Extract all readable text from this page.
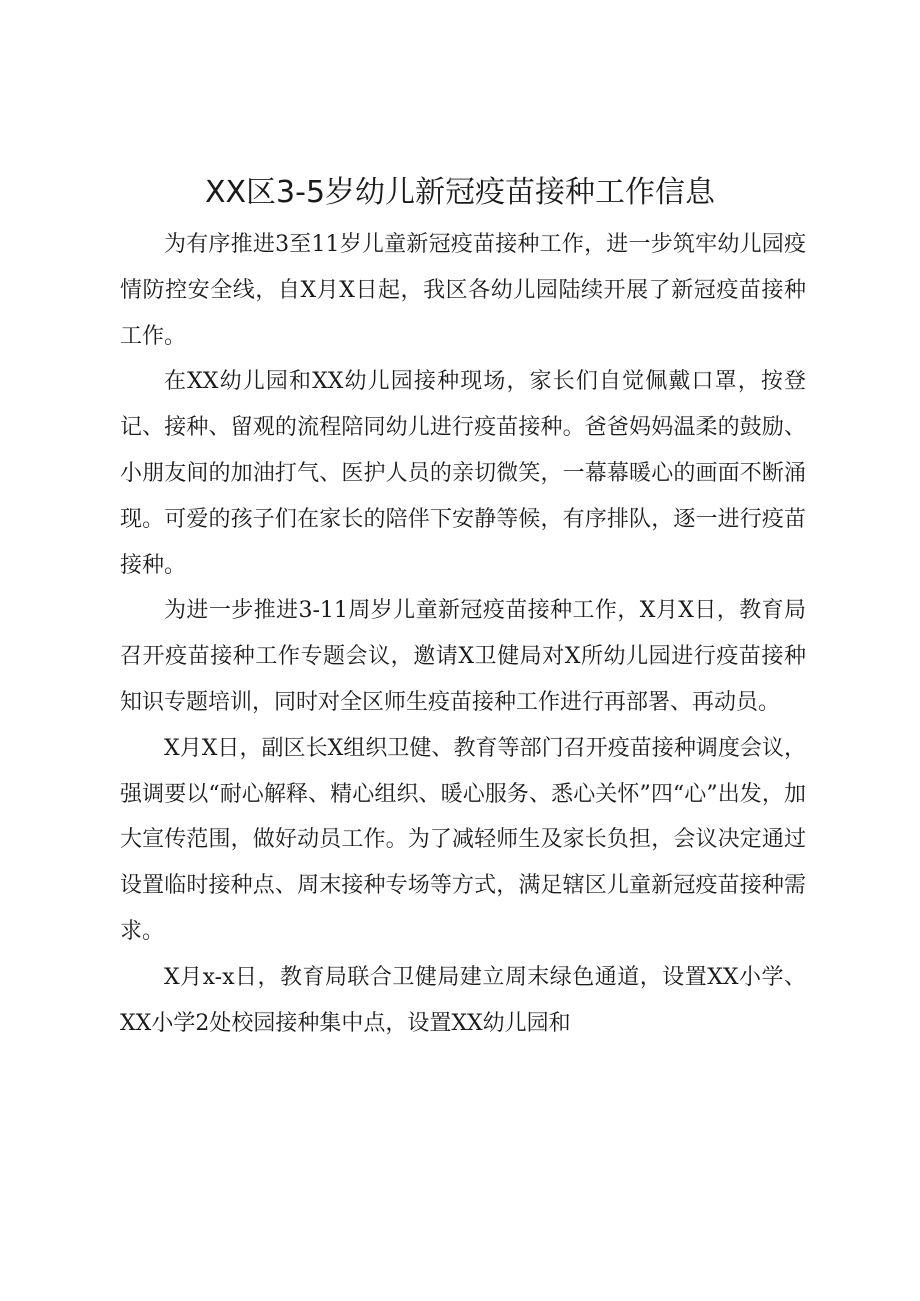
XX区3-5岁幼儿新冠疫苗接种工作信息

为有序推进3至11岁儿童新冠疫苗接种工作，进一步筑牢幼儿园疫情防控安全线，自X月X日起，我区各幼儿园陆续开展了新冠疫苗接种工作。

在XX幼儿园和XX幼儿园接种现场，家长们自觉佩戴口罩，按登记、接种、留观的流程陪同幼儿进行疫苗接种。爸爸妈妈温柔的鼓励、小朋友间的加油打气、医护人员的亲切微笑，一幕幕暖心的画面不断涌现。可爱的孩子们在家长的陪伴下安静等候，有序排队，逐一进行疫苗接种。

为进一步推进3-11周岁儿童新冠疫苗接种工作，X月X日，教育局召开疫苗接种工作专题会议，邀请X卫健局对X所幼儿园进行疫苗接种知识专题培训，同时对全区师生疫苗接种工作进行再部署、再动员。

X月X日，副区长X组织卫健、教育等部门召开疫苗接种调度会议，强调要以“耐心解释、精心组织、暖心服务、悉心关怀”四“心”出发，加大宣传范围，做好动员工作。为了减轻师生及家长负担，会议决定通过设置临时接种点、周末接种专场等方式，满足辖区儿童新冠疫苗接种需求。

X月x-x日，教育局联合卫健局建立周末绿色通道，设置XX小学、XX小学2处校园接种集中点，设置XX幼儿园和
